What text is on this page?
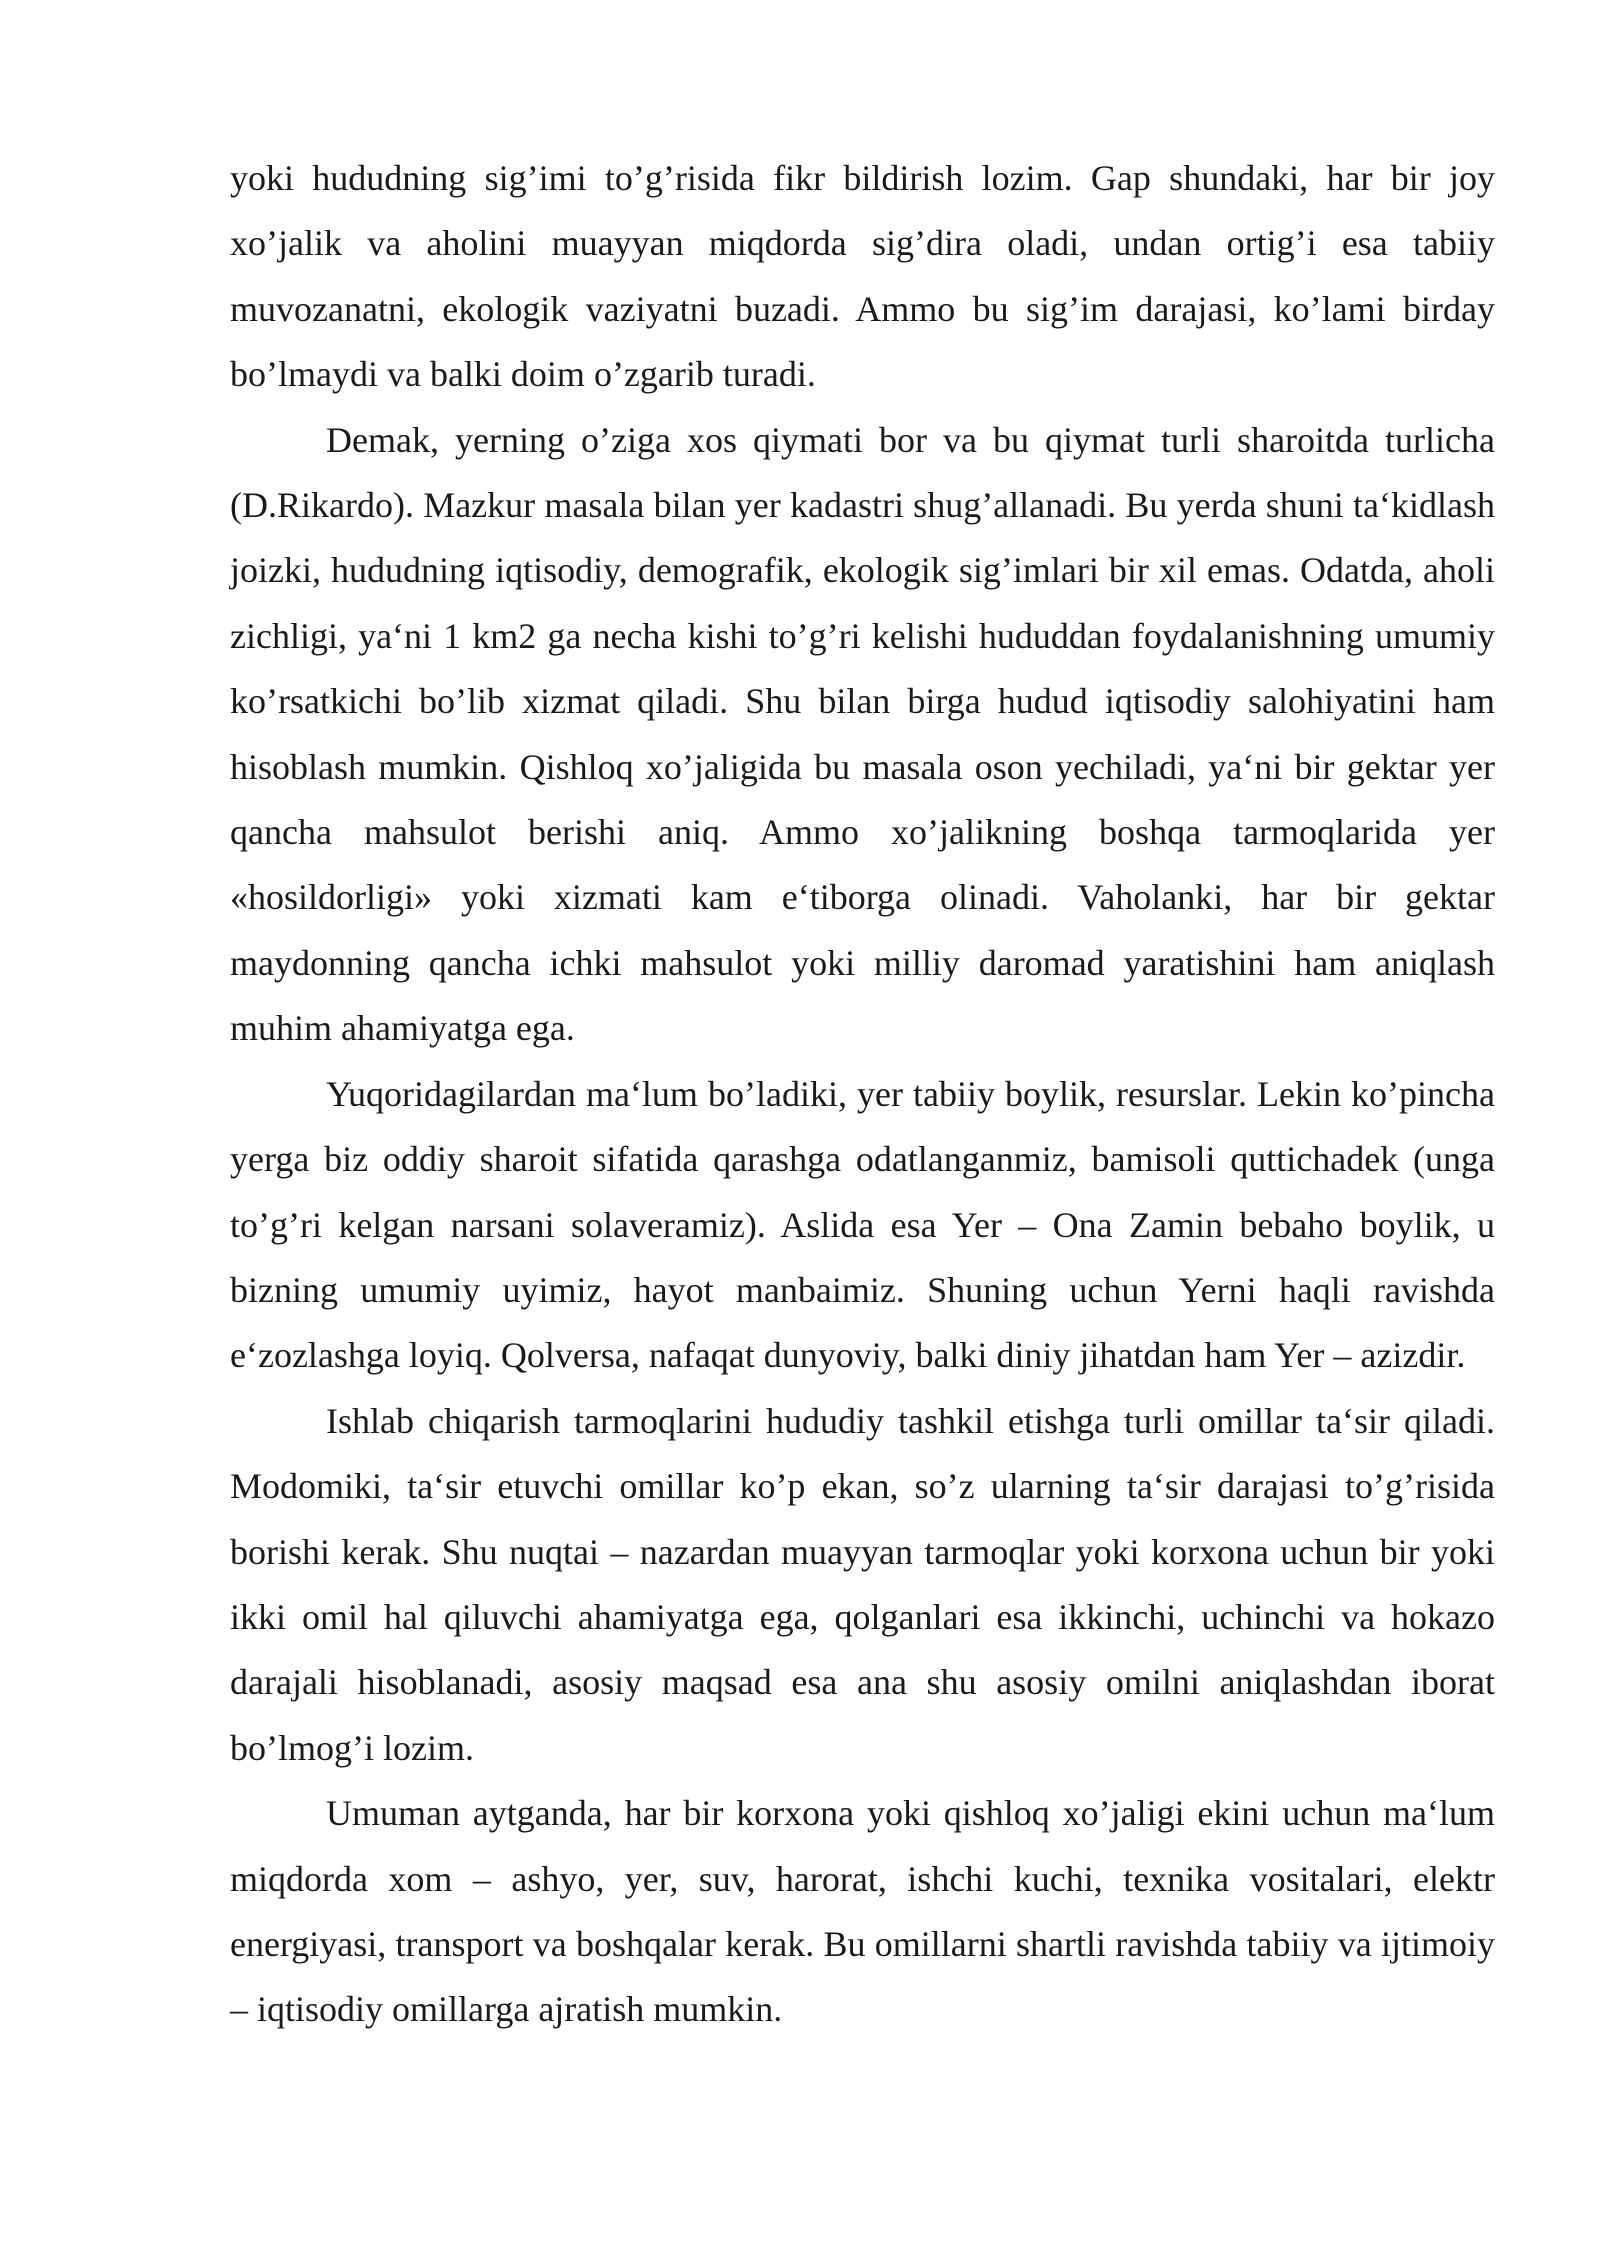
yoki hududning sig’imi to’g’risida fikr bildirish lozim. Gap shundaki, har bir joy xo’jalik va aholini muayyan miqdorda sig’dira oladi, undan ortig’i esa tabiiy muvozanatni, ekologik vaziyatni buzadi. Ammo bu sig’im darajasi, ko’lami birday bo’lmaydi va balki doim o’zgarib turadi.

Demak, yerning o’ziga xos qiymati bor va bu qiymat turli sharoitda turlicha (D.Rikardo). Mazkur masala bilan yer kadastri shug’allanadi. Bu yerda shuni ta‘kidlash joizki, hududning iqtisodiy, demografik, ekologik sig’imlari bir xil emas. Odatda, aholi zichligi, ya‘ni 1 km2 ga necha kishi to’g’ri kelishi hududdan foydalanishning umumiy ko’rsatkichi bo’lib xizmat qiladi. Shu bilan birga hudud iqtisodiy salohiyatini ham hisoblash mumkin. Qishloq xo’jaligida bu masala oson yechiladi, ya‘ni bir gektar yer qancha mahsulot berishi aniq. Ammo xo’jalikning boshqa tarmoqlarida yer «hosildorligi» yoki xizmati kam e‘tiborga olinadi. Vaholanki, har bir gektar maydonning qancha ichki mahsulot yoki milliy daromad yaratishini ham aniqlash muhim ahamiyatga ega.

Yuqoridagilardan ma‘lum bo’ladiki, yer tabiiy boylik, resurslar. Lekin ko’pincha yerga biz oddiy sharoit sifatida qarashga odatlanganmiz, bamisoli quttichadek (unga to’g’ri kelgan narsani solaveramiz). Aslida esa Yer – Ona Zamin bebaho boylik, u bizning umumiy uyimiz, hayot manbaimiz. Shuning uchun Yerni haqli ravishda e‘zozlashga loyiq. Qolversa, nafaqat dunyoviy, balki diniy jihatdan ham Yer – azizdir.

Ishlab chiqarish tarmoqlarini hududiy tashkil etishga turli omillar ta‘sir qiladi. Modomiki, ta‘sir etuvchi omillar ko’p ekan, so’z ularning ta‘sir darajasi to’g’risida borishi kerak. Shu nuqtai – nazardan muayyan tarmoqlar yoki korxona uchun bir yoki ikki omil hal qiluvchi ahamiyatga ega, qolganlari esa ikkinchi, uchinchi va hokazo darajali hisoblanadi, asosiy maqsad esa ana shu asosiy omilni aniqlashdan iborat bo’lmog’i lozim.

Umuman aytganda, har bir korxona yoki qishloq xo’jaligi ekini uchun ma‘lum miqdorda xom – ashyo, yer, suv, harorat, ishchi kuchi, texnika vositalari, elektr energiyasi, transport va boshqalar kerak. Bu omillarni shartli ravishda tabiiy va ijtimoiy – iqtisodiy omillarga ajratish mumkin.
